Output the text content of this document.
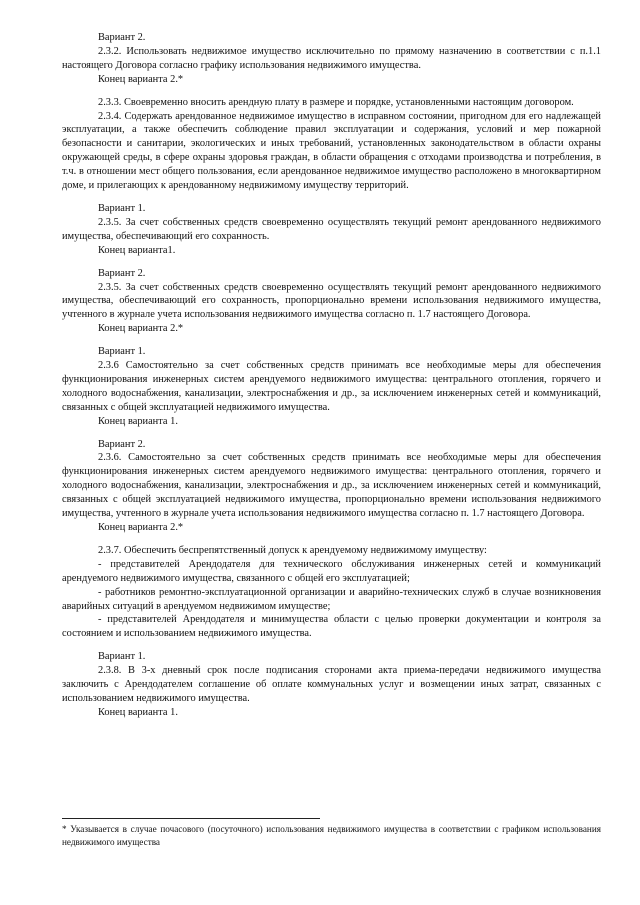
Вариант 2.

2.3.2. Использовать недвижимое имущество исключительно по прямому назначению в соответствии с п.1.1 настоящего Договора согласно графику использования недвижимого имущества.

Конец варианта 2.*

2.3.3. Своевременно вносить арендную плату в размере и порядке, установленными настоящим договором.

2.3.4. Содержать арендованное недвижимое имущество в исправном состоянии, пригодном для его надлежащей эксплуатации, а также обеспечить соблюдение правил эксплуатации и содержания, условий и мер пожарной безопасности и санитарии, экологических и иных требований, установленных законодательством в области охраны окружающей среды, в сфере охраны здоровья граждан, в области обращения с отходами производства и потребления, в т.ч. в отношении мест общего пользования, если арендованное недвижимое имущество расположено в многоквартирном доме, и прилегающих к арендованному недвижимому имуществу территорий.

Вариант 1.

2.3.5. За счет собственных средств своевременно осуществлять текущий ремонт арендованного недвижимого имущества, обеспечивающий его сохранность.

Конец варианта1.

Вариант 2.

2.3.5. За счет собственных средств своевременно осуществлять текущий ремонт арендованного недвижимого имущества, обеспечивающий его сохранность, пропорционально времени использования недвижимого имущества, учтенного в журнале учета использования недвижимого имущества согласно п. 1.7 настоящего Договора.

Конец варианта 2.*

Вариант 1.

2.3.6 Самостоятельно за счет собственных средств принимать все необходимые меры для обеспечения функционирования инженерных систем арендуемого недвижимого имущества: центрального отопления, горячего и холодного водоснабжения, канализации, электроснабжения и др., за исключением инженерных сетей и коммуникаций, связанных с общей эксплуатацией недвижимого имущества.

Конец варианта 1.

Вариант 2.

2.3.6. Самостоятельно за счет собственных средств принимать все необходимые меры для обеспечения функционирования инженерных систем арендуемого недвижимого имущества: центрального отопления, горячего и холодного водоснабжения, канализации, электроснабжения и др., за исключением инженерных сетей и коммуникаций, связанных с общей эксплуатацией недвижимого имущества, пропорционально времени использования недвижимого имущества, учтенного в журнале учета использования недвижимого имущества согласно п. 1.7 настоящего Договора.

Конец варианта 2.*

2.3.7. Обеспечить беспрепятственный допуск к арендуемому недвижимому имуществу:

- представителей Арендодателя для технического обслуживания инженерных сетей и коммуникаций арендуемого недвижимого имущества, связанного с общей его эксплуатацией;

- работников ремонтно-эксплуатационной организации и аварийно-технических служб в случае возникновения аварийных ситуаций в арендуемом недвижимом имуществе;

- представителей Арендодателя и минимущества области с целью проверки документации и контроля за состоянием и использованием недвижимого имущества.

Вариант 1.

2.3.8. В 3-х дневный срок после подписания сторонами акта приема-передачи недвижимого имущества заключить с Арендодателем соглашение об оплате коммунальных услуг и возмещении иных затрат, связанных с использованием недвижимого имущества.

Конец варианта 1.

* Указывается в случае почасового (посуточного) использования недвижимого имущества в соответствии с графиком использования недвижимого имущества
